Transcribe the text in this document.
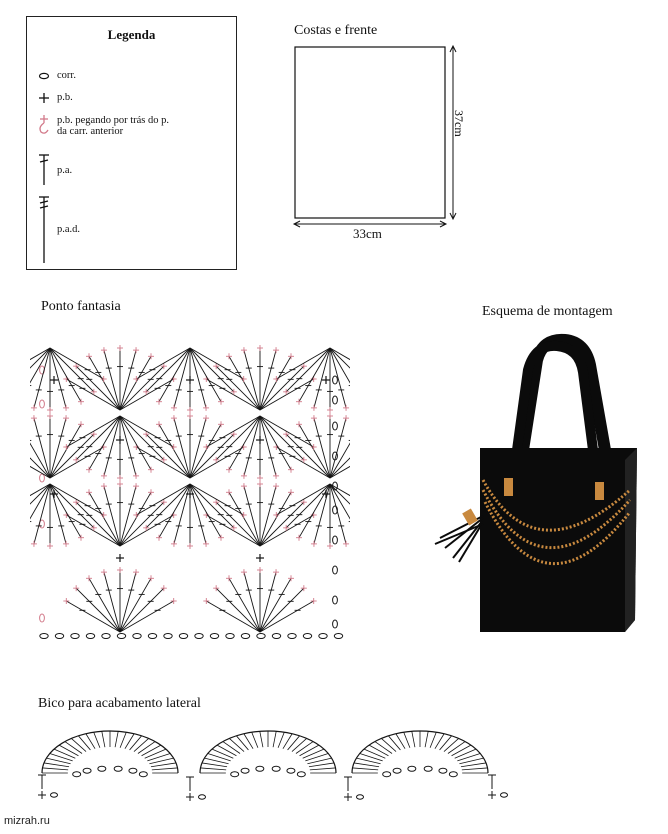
Legenda
corr.
p.b.
p.b. pegando por trás do p.
da carr. anterior
p.a.
p.a.d.
Costas e frente
37cm
33cm
Ponto fantasia	Esquema de montagem
Bico para acabamento lateral
mizrah.ru
